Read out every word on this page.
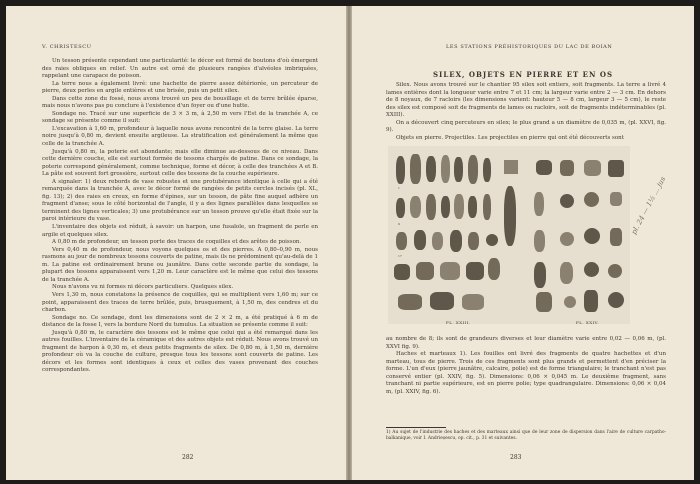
V. CHRISTESCU

Un tesson présente cependant une particularité: le décor est formé de boutons d'où émergent des raies obliques en relief. Un autre est orné de plusieurs rangées d'alvéoles imbriquées, rappelant une carapace de poisson.

La terre nous a également livré: une hachette de pierre assez détériorée, un percuteur de pierre, deux perles en argile entières et une brisée, puis un petit silex.

Dans cette zone du fossé, nous avons trouvé un peu de bousillage et de terre brûlée éparse, mais nous n'avons pas pu conclure à l'existence d'un foyer ou d'une hutte.

Sondage no. Tracé sur une superficie de 3 × 3 m, à 2,50 m vers l'Est de la tranchée A, ce sondage se présente comme il suit:

L'excavation à 1,60 m, profondeur à laquelle nous avons rencontré de la terre glaise. La terre noire jusqu'à 0,80 m, devient ensuite argileuse. La stratification est généralement la même que celle de la tranchée A.

Jusqu'à 0,80 m, la poterie est abondante; mais elle diminue au-dessous de ce niveau. Dans cette dernière couche, elle est surtout formée de tessons chargés de patine. Dans ce sondage, la poterie correspond généralement, comme technique, forme et décor, à celle des tranchées A et B. La pâte est souvent fort grossière, surtout celle des tessons de la couche supérieure.

A signaler: 1) deux rebords de vase robustes et une protubérance identique à celle qui a été remarquée dans la tranchée A, avec le décor formé de rangées de petits cercles incisés (pl. XL, fig. 13); 2) des raies en creux, en forme d'épines, sur un tesson, de pâte fine auquel adhère un fragment d'anse; sous le côté horizontal de l'angle, il y a des lignes parallèles dans lesquelles se terminent des lignes verticales; 3) une protubérance sur un tesson prouve qu'elle était fixée sur la paroi intérieure du vase.

L'inventaire des objets est réduit, à savoir: un harpon, une fusaïole, un fragment de perle en argile et quelques silex.

A 0,80 m de profondeur, un tesson porte des traces de coquilles et des arêtes de poisson.

Vers 0,40 m de profondeur, nous voyons quelques os et des pierres. A 0,80–0,90 m, nous rasmons au jour de nombreux tessons couverts de patine, mais ils ne prédominent qu'au-delà de 1 m. La patine est ordinairement brune ou jaunâtre. Dans cette seconde partie du sondage, la plupart des tessons apparaissent vers 1,20 m. Leur caractère est le même que celui des tessons de la tranchée A.

Nous n'avons vu ni formes ni décors particuliers. Quelques silex.

Vers 1,30 m, nous constatons la présence de coquilles, qui se multiplient vers 1,60 m; sur ce point, apparaissent des traces de terre brûlée, puis, brusquement, à 1,50 m, des cendres et du charbon.

Sondage no. Ce sondage, dont les dimensions sont de 2 × 2 m, a été pratiqué à 6 m de distance de la fosse I, vers la bordure Nord du tumulus. La situation se présente comme il suit:

Jusqu'à 0,80 m, le caractère des tessons est le même que celui qui a été remarqué dans les autres fouilles. L'inventaire de la céramique et des autres objets est réduit. Nous avons trouvé un fragment de harpon à 0,30 m, et deux petits fragments de silex. De 0,80 m, à 1,50 m, dernière profondeur où va la couche de culture, presque tous les tessons sont couverts de patine. Les décors et les formes sont identiques à ceux et celles des vases provenant des couches correspondantes.

282
LES STATIONS PRÉHISTORIQUES DU LAC DE BOIAN
SILEX, OBJETS EN PIERRE ET EN OS

Silex. Nous avons trouvé sur le chantier 95 silex soit entiers, soit fragments. La terre a livré 4 lames entières dont la longueur varie entre 7 et 11 cm; la largeur varie entre 2 — 3 cm. En dehors de 8 noyaux, de 7 racloirs (les dimensions varient: hauteur 5 — 8 cm, largeur 3 — 5 cm), le reste des silex est composé soit de fragments de lames ou racloirs, soit de fragments indéterminables (pl. XXIII).

On a découvert cinq percuteurs en silex; le plus grand a un diamètre de 0,035 m, (pl. XXVI, fig. 9).

Objets en pierre. Projectiles. Les projectiles en pierre qui ont été découverts sont

1
9
17
PL. XXIII.	PL. XXIV.
pl. 24 — 1½ ... jus

au nombre de 8; ils sont de grandeurs diverses et leur diamètre varie entre 0,02 — 0,06 m, (pl. XXVI fig. 9).

Haches et marteaux 1). Les fouilles ont livré des fragments de quatre hachettes et d'un marteau, tous de pierre. Trois de ces fragments sont plus grands et permettent d'en préciser la forme. L'un d'eux (pierre jaunâtre, calcaire, polie) est de forme triangulaire; le tranchant n'est pas conservé entier (pl. XXIV, fig. 5). Dimensions: 0,06 × 0,045 m. Le deuxième fragment, sans tranchant ni partie supérieure, est en pierre polie; type quadrangulaire. Dimensions: 0,06 × 0,04 m, (pl. XXIV, fig. 6).

1) Au sujet de l'industrie des haches et des marteaux ainsi que de leur zone de dispersion dans l'aire de culture carpatho-balkanique, voir I. Andrieșescu, op. cit., p. 31 et suivantes.
283
